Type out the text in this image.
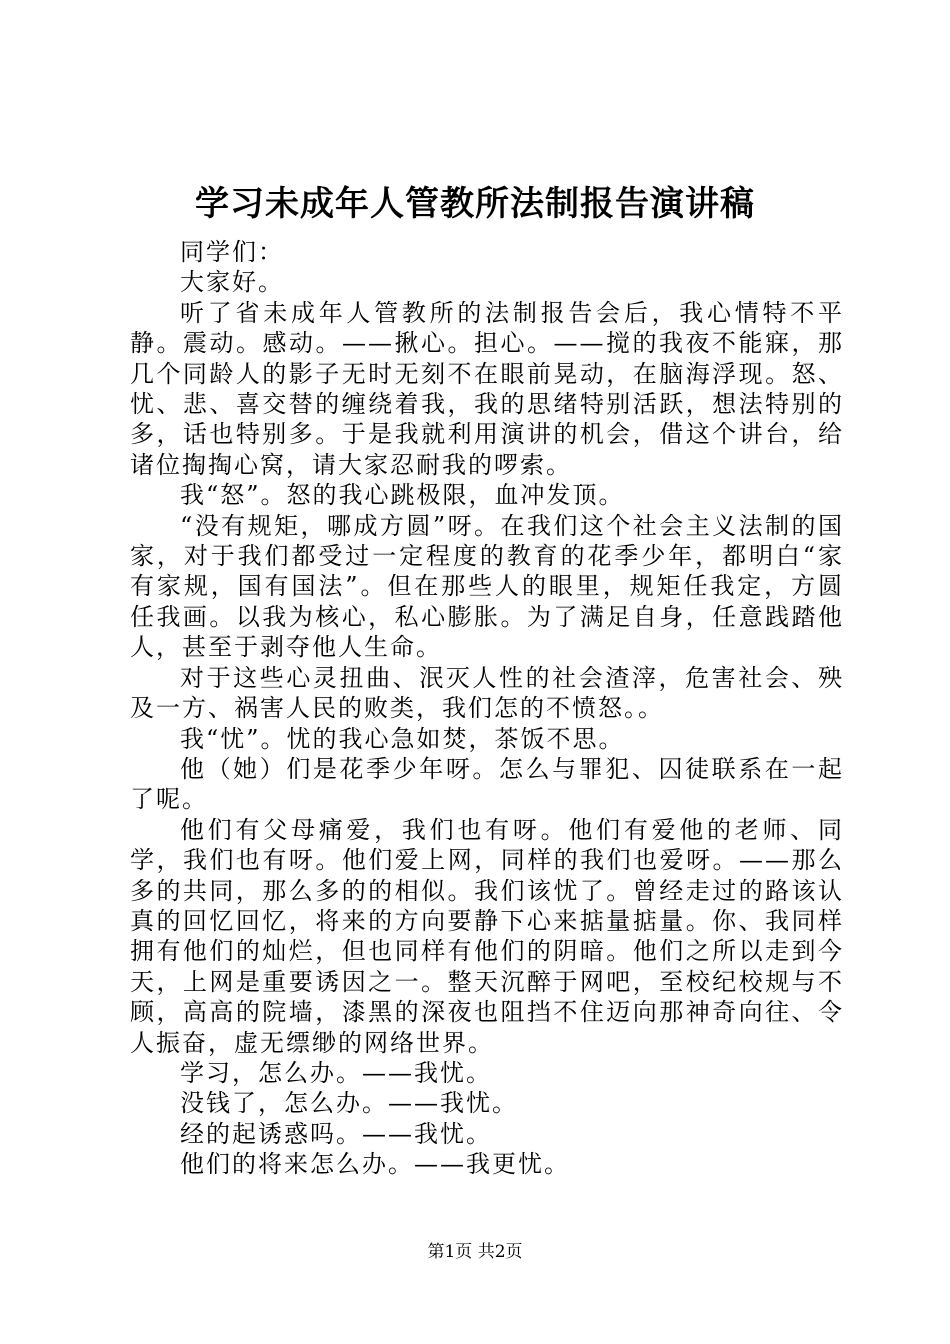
学习未成年人管教所法制报告演讲稿

同学们：

大家好。

听了省未成年人管教所的法制报告会后，我心情特不平静。震动。感动。——揪心。担心。——搅的我夜不能寐，那几个同龄人的影子无时无刻不在眼前晃动，在脑海浮现。怒、忧、悲、喜交替的缠绕着我，我的思绪特别活跃，想法特别的多，话也特别多。于是我就利用演讲的机会，借这个讲台，给诸位掏掏心窝，请大家忍耐我的啰索。

我“怒”。怒的我心跳极限，血冲发顶。

“没有规矩，哪成方圆”呀。在我们这个社会主义法制的国家，对于我们都受过一定程度的教育的花季少年，都明白“家有家规，国有国法”。但在那些人的眼里，规矩任我定，方圆任我画。以我为核心，私心膨胀。为了满足自身，任意践踏他人，甚至于剥夺他人生命。

对于这些心灵扭曲、泯灭人性的社会渣滓，危害社会、殃及一方、祸害人民的败类，我们怎的不愤怒。。

我“忧”。忧的我心急如焚，茶饭不思。

他（她）们是花季少年呀。怎么与罪犯、囚徒联系在一起了呢。

他们有父母痛爱，我们也有呀。他们有爱他的老师、同学，我们也有呀。他们爱上网，同样的我们也爱呀。——那么多的共同，那么多的的相似。我们该忧了。曾经走过的路该认真的回忆回忆，将来的方向要静下心来掂量掂量。你、我同样拥有他们的灿烂，但也同样有他们的阴暗。他们之所以走到今天，上网是重要诱因之一。整天沉醉于网吧，至校纪校规与不顾，高高的院墙，漆黑的深夜也阻挡不住迈向那神奇向往、令人振奋，虚无缥缈的网络世界。

学习，怎么办。——我忧。

没钱了，怎么办。——我忧。

经的起诱惑吗。——我忧。

他们的将来怎么办。——我更忧。

第1页 共2页
